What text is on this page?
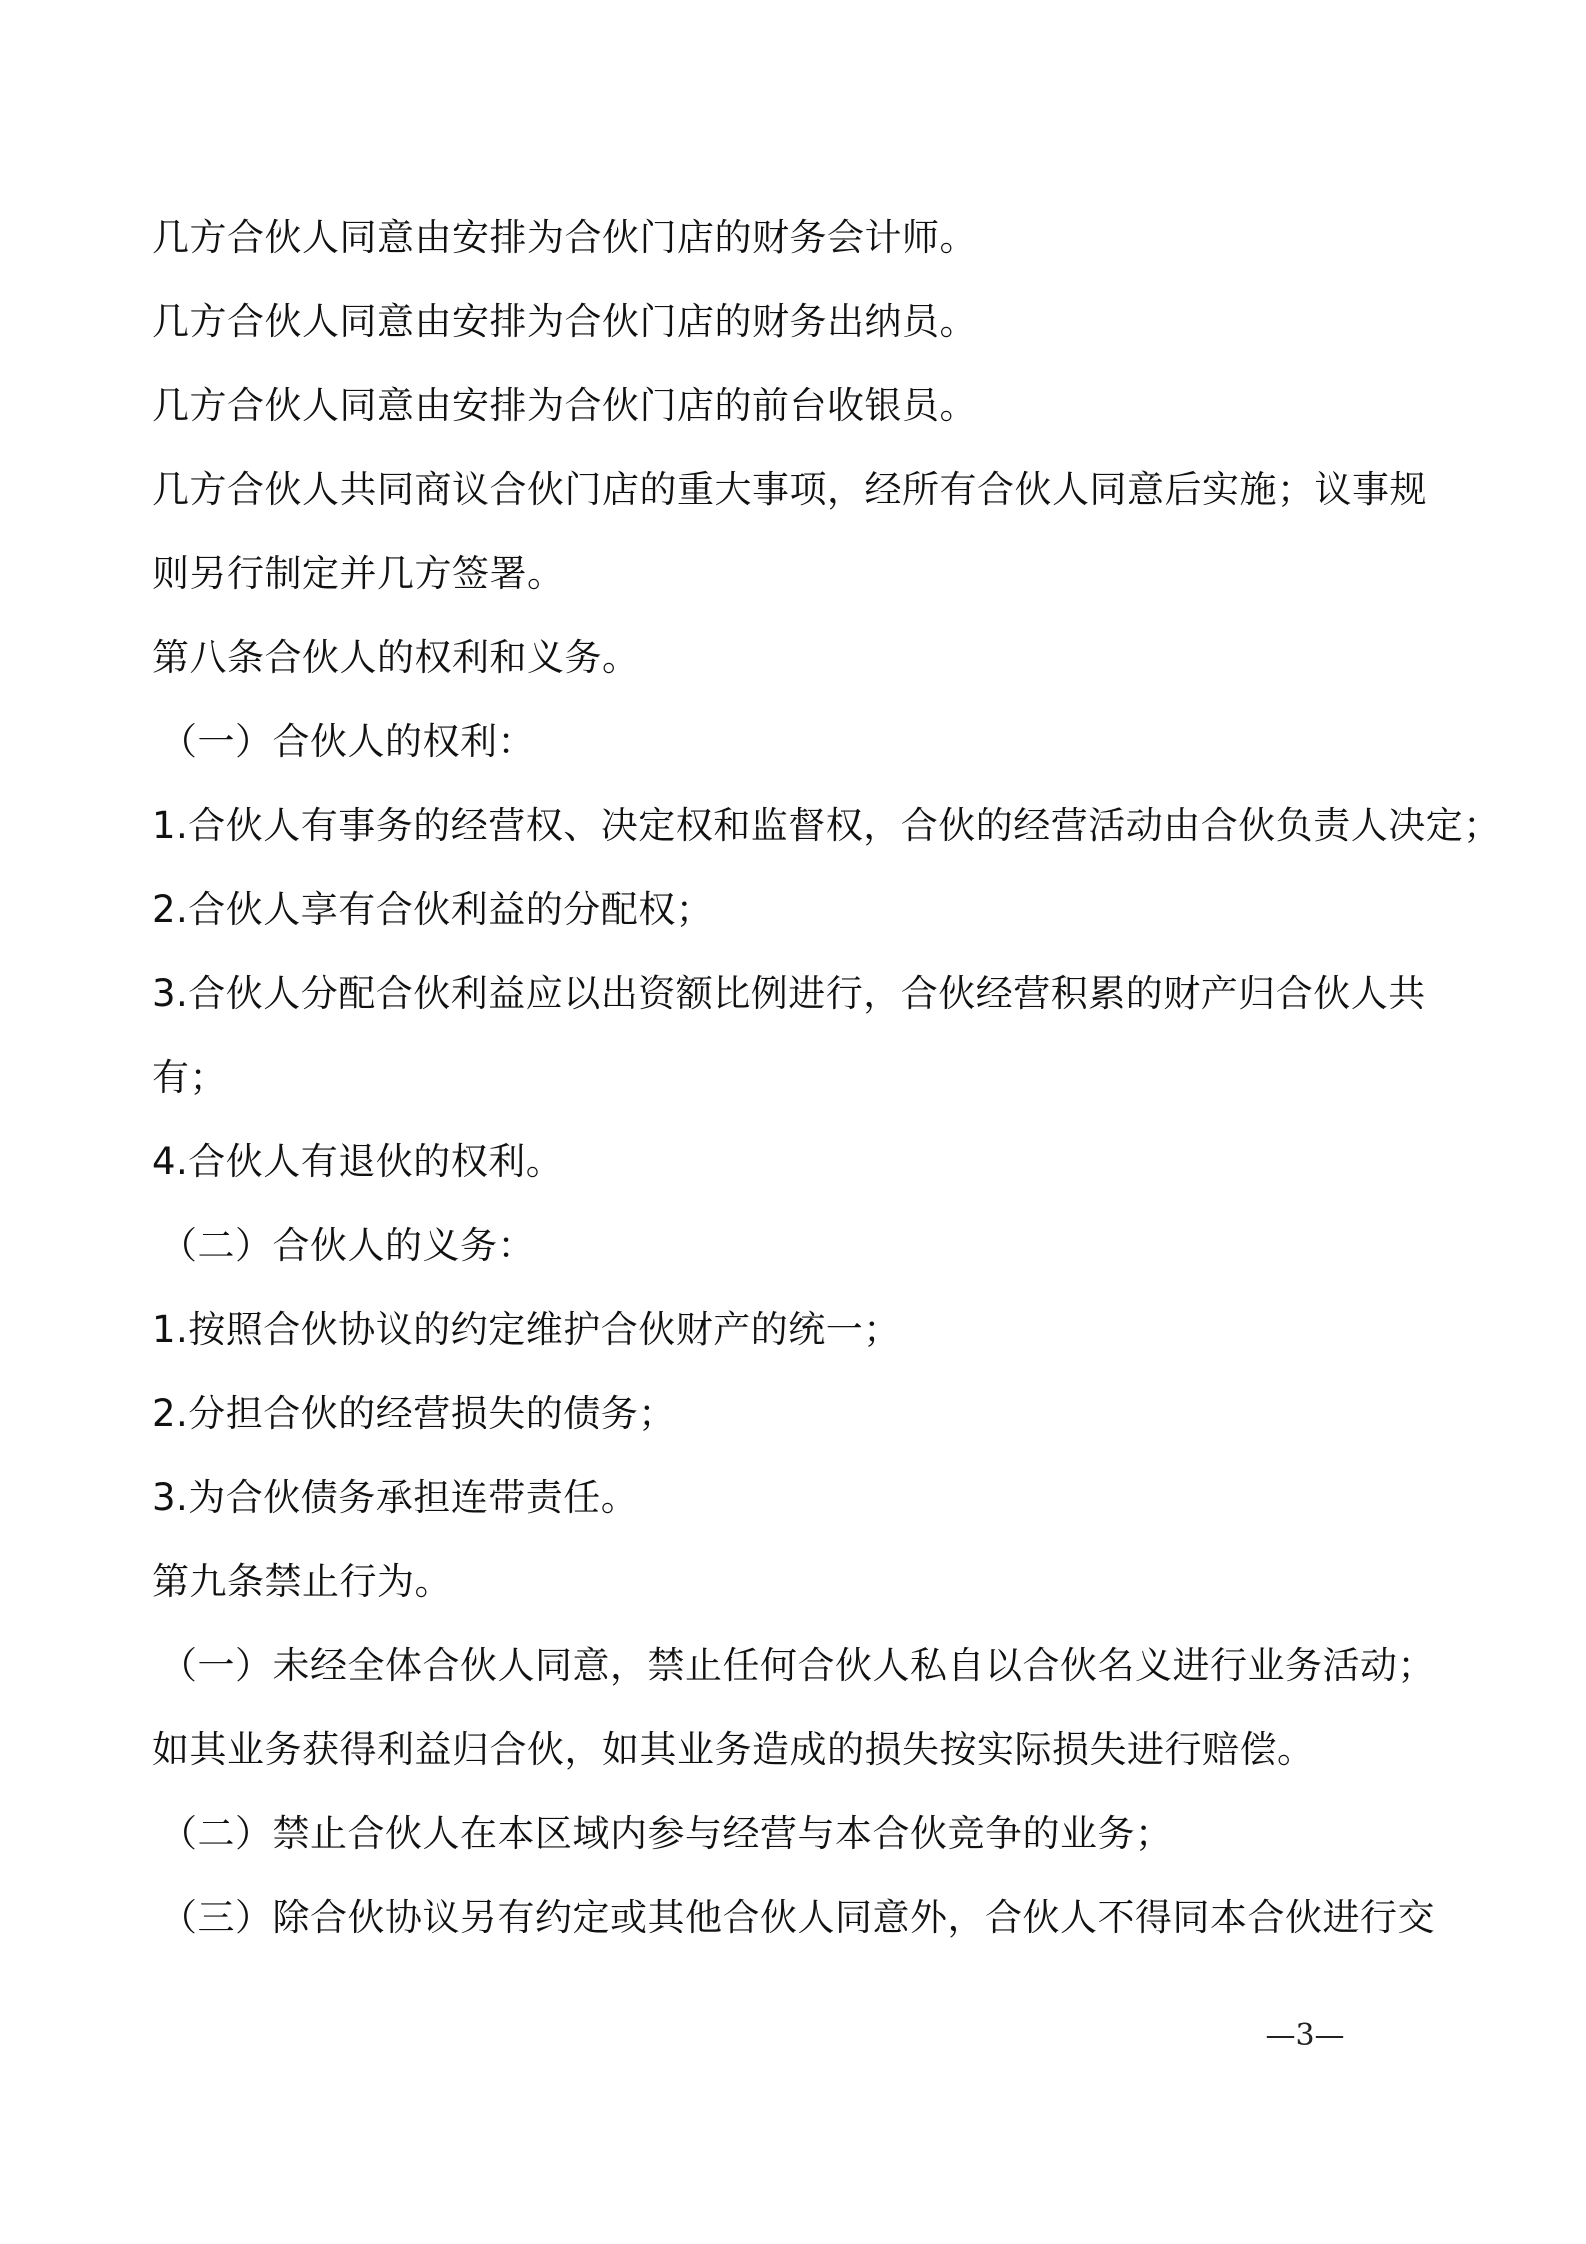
几方合伙人同意由安排为合伙门店的财务会计师。
几方合伙人同意由安排为合伙门店的财务出纳员。
几方合伙人同意由安排为合伙门店的前台收银员。
几方合伙人共同商议合伙门店的重大事项，经所有合伙人同意后实施；议事规
则另行制定并几方签署。
第八条合伙人的权利和义务。
（一）合伙人的权利：
1.合伙人有事务的经营权、决定权和监督权，合伙的经营活动由合伙负责人决定；
2.合伙人享有合伙利益的分配权；
3.合伙人分配合伙利益应以出资额比例进行，合伙经营积累的财产归合伙人共
有；
4.合伙人有退伙的权利。
（二）合伙人的义务：
1.按照合伙协议的约定维护合伙财产的统一；
2.分担合伙的经营损失的债务；
3.为合伙债务承担连带责任。
第九条禁止行为。
（一）未经全体合伙人同意，禁止任何合伙人私自以合伙名义进行业务活动；
如其业务获得利益归合伙，如其业务造成的损失按实际损失进行赔偿。
（二）禁止合伙人在本区域内参与经营与本合伙竞争的业务；
（三）除合伙协议另有约定或其他合伙人同意外，合伙人不得同本合伙进行交
—3—
